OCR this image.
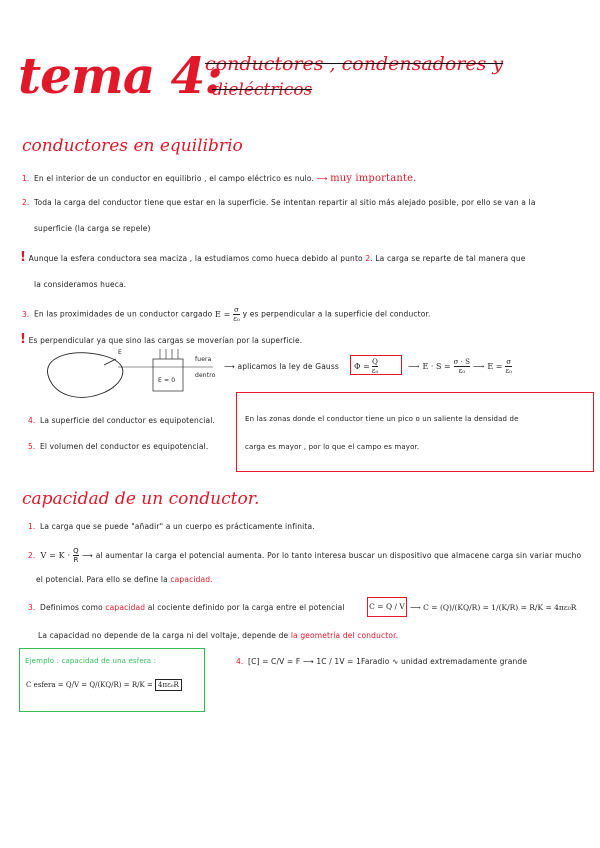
tema 4:
conductores , condensadores y
dieléctricos
conductores en equilibrio
1. En el interior de un conductor en equilibrio , el campo eléctrico es nulo. ⟶ muy importante.
2. Toda la carga del conductor tiene que estar en la superficie. Se intentan repartir al sitio más alejado posible, por ello se van a la
superficie (la carga se repele)
! Aunque la esfera conductora sea maciza , la estudiamos como hueca debido al punto 2. La carga se reparte de tal manera que
la consideramos hueca.
3. En las proximidades de un conductor cargado $E = \frac{\sigma}{\text{ε₀}}$ y es perpendicular a la superficie del conductor.
! Es perpendicular ya que sino las cargas se moverían por la superficie.
E
fuera
dentro
E = 0
⟶ aplicamos la ley de Gauss $\Phi = \frac{Q}{\text{ε₀}}$	⟶ $E \cdot S = \frac{\sigma \cdot S}{\text{ε₀}}$ ⟶ $E = \frac{\sigma}{\text{ε₀}}$
4. La superficie del conductor es equipotencial.
5. El volumen del conductor es equipotencial.
En las zonas donde el conductor tiene un pico o un saliente la densidad de
carga es mayor , por lo que el campo es mayor.
capacidad de un conductor.
1. La carga que se puede "añadir" a un cuerpo es prácticamente infinita.
2. $V = K \cdot \frac{Q}{R}$ ⟶ al aumentar la carga el potencial aumenta. Por lo tanto interesa buscar un dispositivo que almacene carga sin variar mucho
el potencial. Para ello se define la capacidad.
3. Definimos como capacidad al cociente definido por la carga entre el potencial	C = Q / V ⟶ C = (Q)/(KQ/R) = 1/(K/R) = R/K = 4πε₀R
La capacidad no depende de la carga ni del voltaje, depende de la geometría del conductor.
Ejemplo : capacidad de una esfera :
C esfera = Q/V = Q/(KQ/R) = R/K = 4πε₀R
4. [C] = C/V = F ⟶ 1C / 1V = 1Faradio ∿ unidad extremadamente grande
